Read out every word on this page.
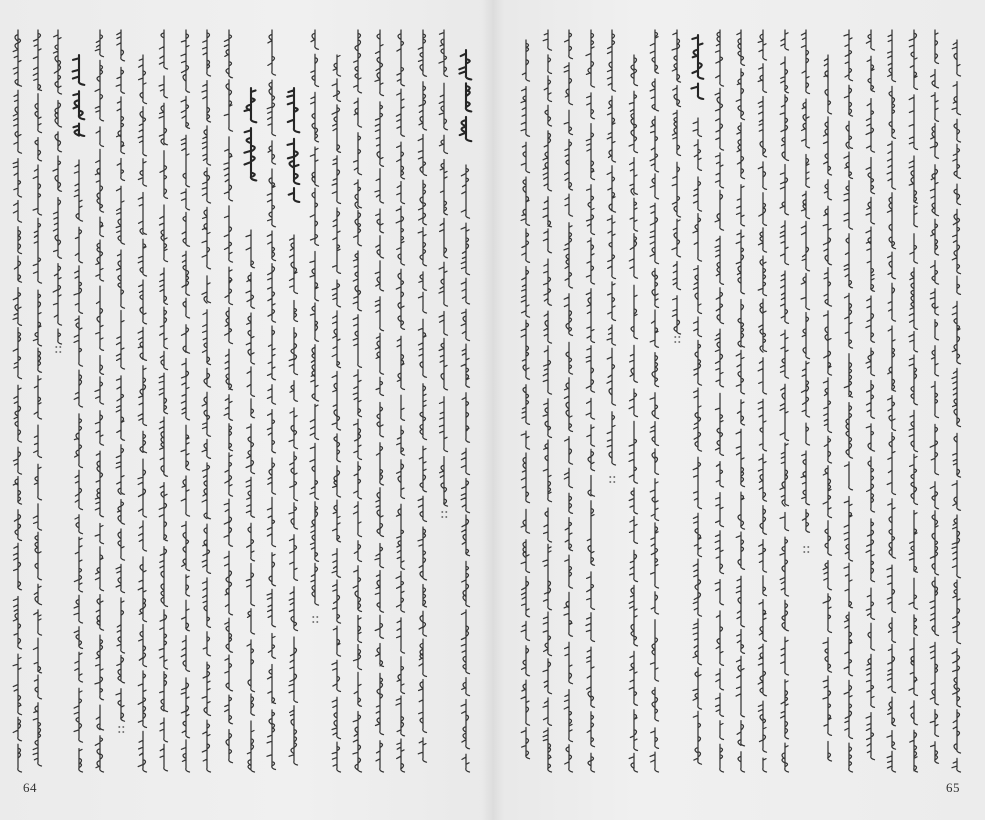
64	65
